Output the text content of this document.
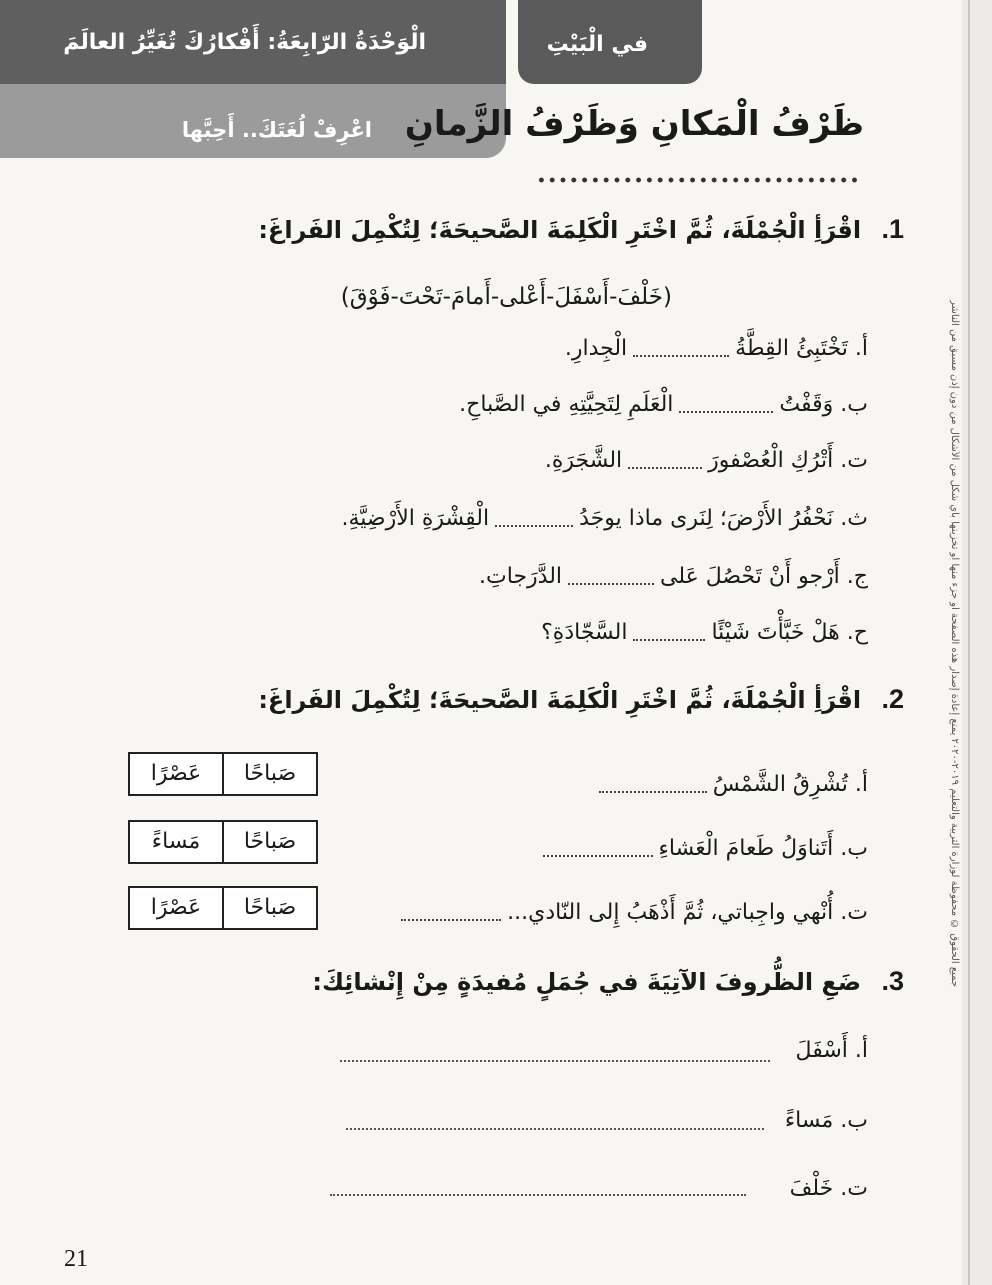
الْوَحْدَةُ الرّابِعَةُ: أَفْكارُكَ تُغَيِّرُ العالَمَ	في الْبَيْتِ
اعْرِفْ لُغَتَكَ.. أَحِبَّها ظَرْفُ الْمَكانِ وَظَرْفُ الزَّمانِ
1. اقْرَأِ الْجُمْلَةَ، ثُمَّ اخْتَرِ الْكَلِمَةَ الصَّحيحَةَ؛ لِتُكْمِلَ الفَراغَ:
(خَلْفَ-أَسْفَلَ-أَعْلى-أَمامَ-تَحْتَ-فَوْقَ)
أ. تَخْتَبِئُ القِطَّةُالْجِدارِ.
ب. وَقَفْتُالْعَلَمِ لِتَحِيَّتِهِ في الصَّباحِ.
ت. أَتْرُكِ الْعُصْفورَالشَّجَرَةِ.
ث. نَحْفُرُ الأَرْضَ؛ لِنَرى ماذا يوجَدُالْقِشْرَةِ الأَرْضِيَّةِ.
ج. أَرْجو أَنْ تَحْصُلَ عَلىالدَّرَجاتِ.
ح. هَلْ خَبَّأْتَ شَيْئًاالسَّجّادَةِ؟
2. اقْرَأِ الْجُمْلَةَ، ثُمَّ اخْتَرِ الْكَلِمَةَ الصَّحيحَةَ؛ لِتُكْمِلَ الفَراغَ:
أ. تُشْرِقُ الشَّمْسُ
صَباحًا
عَصْرًا
ب. أَتَناوَلُ طَعامَ الْعَشاءِ
صَباحًا
مَساءً
ت. أُنْهي واجِباتي، ثُمَّ أَذْهَبُ إِلى النّادي...
صَباحًا
عَصْرًا
3. ضَعِ الظُّروفَ الآتِيَةَ في جُمَلٍ مُفيدَةٍ مِنْ إِنْشائِكَ:
أ. أَسْفَلَ
ب. مَساءً
ت. خَلْفَ
21
جميع الحقوق © محفوظة لوزارة التربية والتعليم ٢٠١٩-٢٠٢٠ يمنع إعادة إصدار هذه الصفحة أو جزء منها أو تخزينها بأي شكل من الأشكال من دون إذن مسبق من الناشر
